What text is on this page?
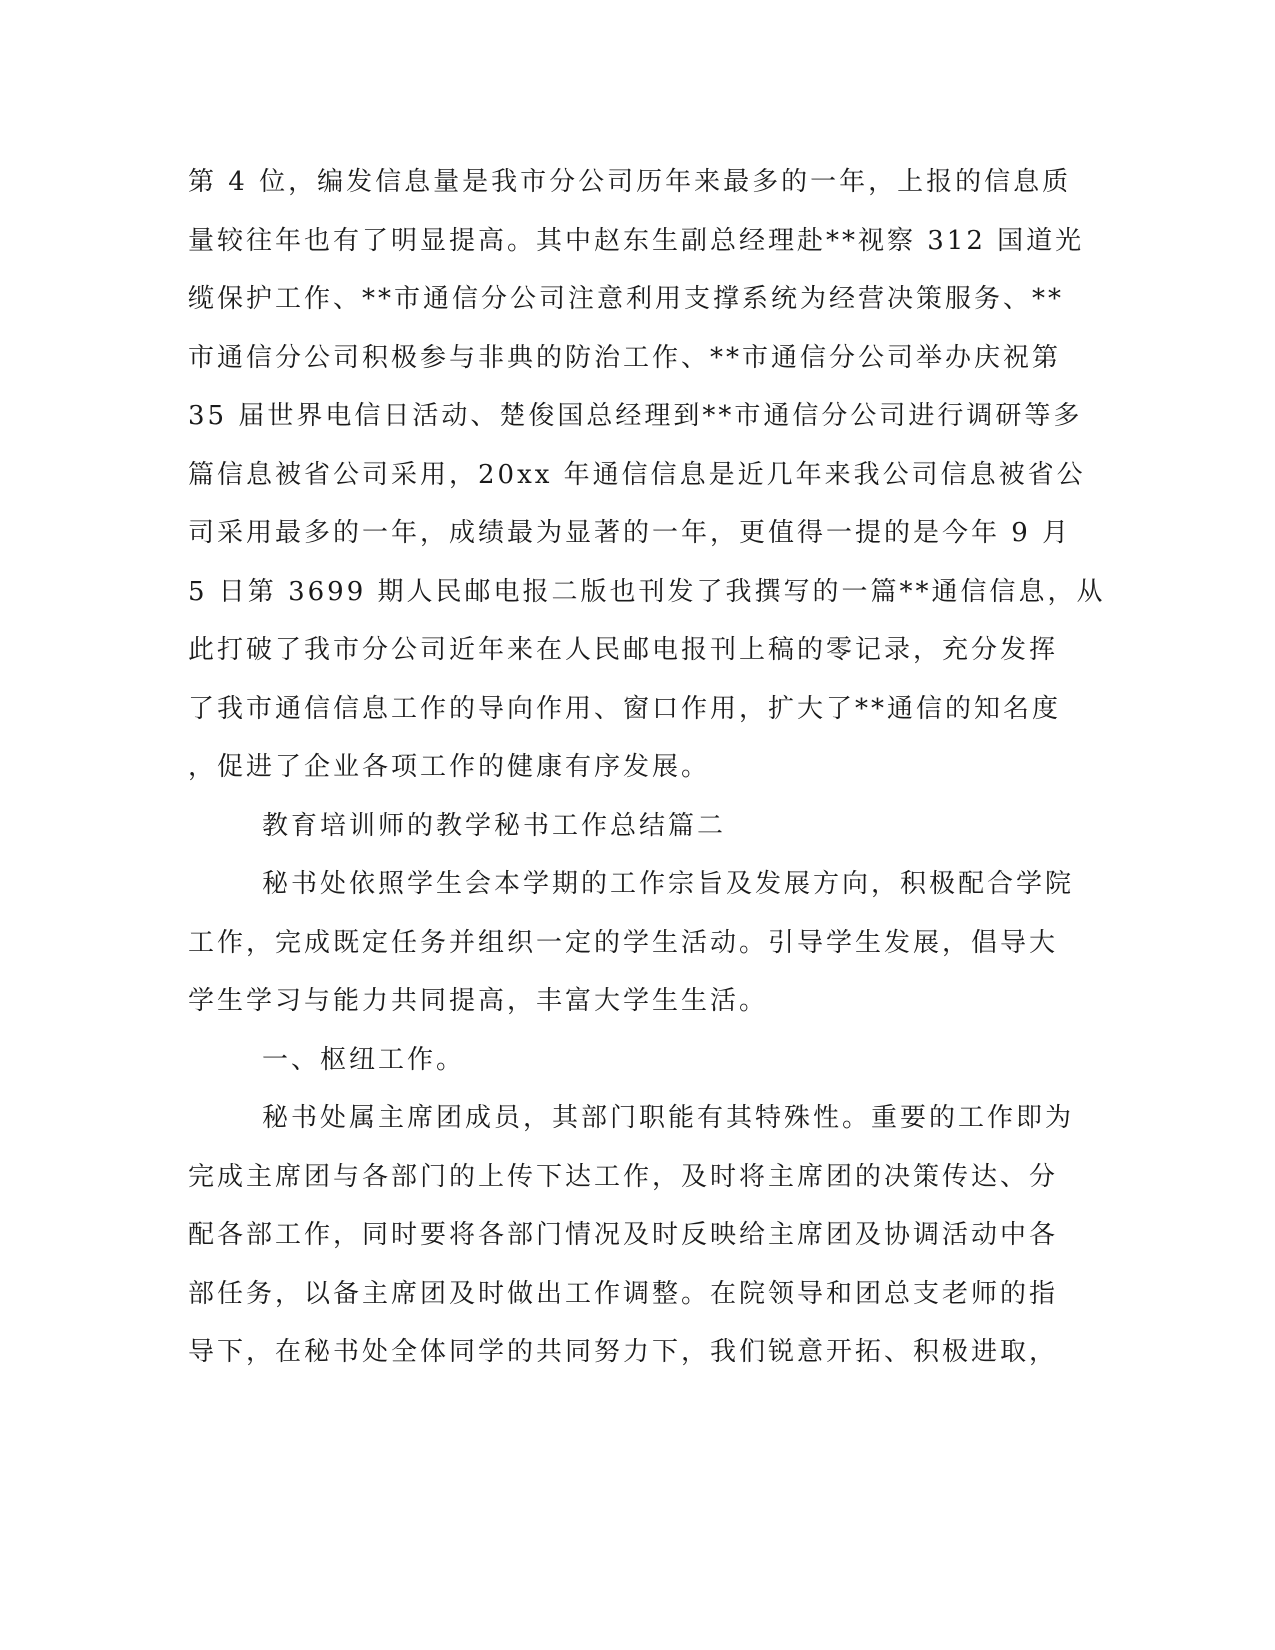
第 4 位，编发信息量是我市分公司历年来最多的一年，上报的信息质
量较往年也有了明显提高。其中赵东生副总经理赴**视察 312 国道光
缆保护工作、**市通信分公司注意利用支撑系统为经营决策服务、**
市通信分公司积极参与非典的防治工作、**市通信分公司举办庆祝第
35 届世界电信日活动、楚俊国总经理到**市通信分公司进行调研等多
篇信息被省公司采用，20xx 年通信信息是近几年来我公司信息被省公
司采用最多的一年，成绩最为显著的一年，更值得一提的是今年 9 月
5 日第 3699 期人民邮电报二版也刊发了我撰写的一篇**通信信息，从
此打破了我市分公司近年来在人民邮电报刊上稿的零记录，充分发挥
了我市通信信息工作的导向作用、窗口作用，扩大了**通信的知名度
，促进了企业各项工作的健康有序发展。
教育培训师的教学秘书工作总结篇二
秘书处依照学生会本学期的工作宗旨及发展方向，积极配合学院
工作，完成既定任务并组织一定的学生活动。引导学生发展，倡导大
学生学习与能力共同提高，丰富大学生生活。
一、枢纽工作。
秘书处属主席团成员，其部门职能有其特殊性。重要的工作即为
完成主席团与各部门的上传下达工作，及时将主席团的决策传达、分
配各部工作，同时要将各部门情况及时反映给主席团及协调活动中各
部任务，以备主席团及时做出工作调整。在院领导和团总支老师的指
导下，在秘书处全体同学的共同努力下，我们锐意开拓、积极进取，
